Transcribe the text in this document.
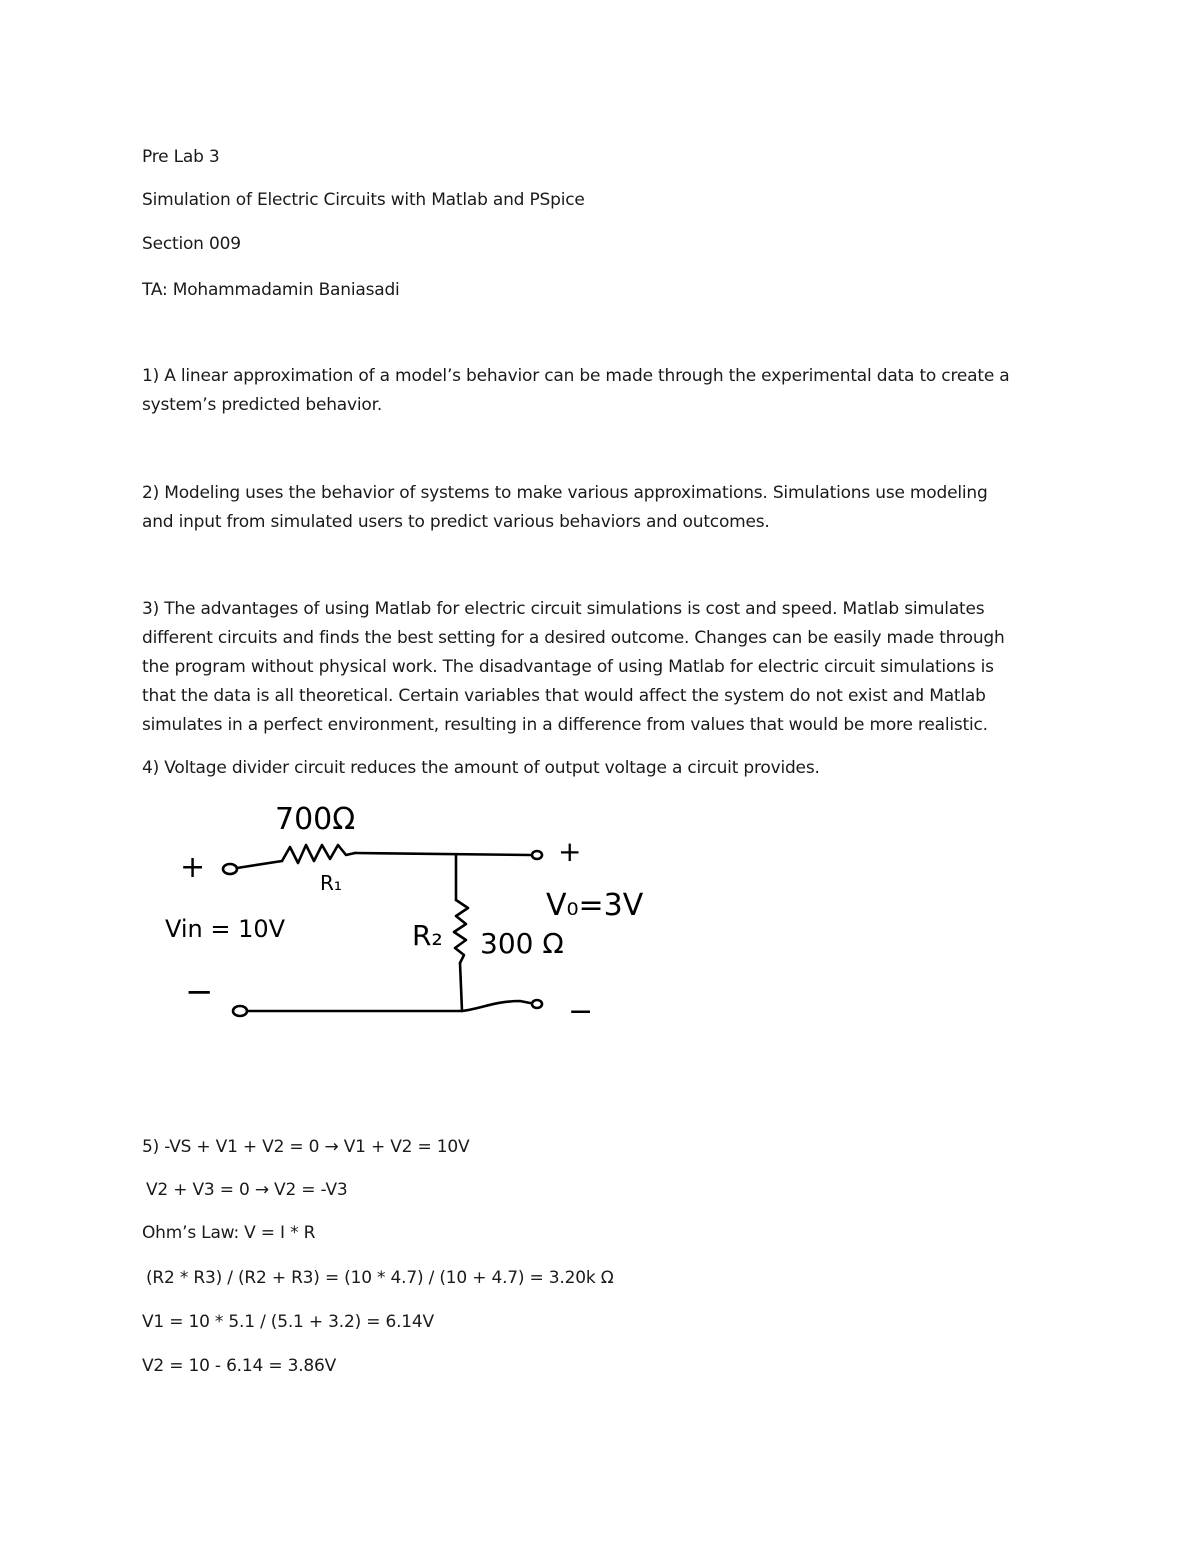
Pre Lab 3
Simulation of Electric Circuits with Matlab and PSpice
Section 009
TA: Mohammadamin Baniasadi
1) A linear approximation of a model’s behavior can be made through the experimental data to create a
system’s predicted behavior.
2) Modeling uses the behavior of systems to make various approximations. Simulations use modeling
and input from simulated users to predict various behaviors and outcomes.
3) The advantages of using Matlab for electric circuit simulations is cost and speed. Matlab simulates
different circuits and finds the best setting for a desired outcome. Changes can be easily made through
the program without physical work. The disadvantage of using Matlab for electric circuit simulations is
that the data is all theoretical. Certain variables that would affect the system do not exist and Matlab
simulates in a perfect environment, resulting in a difference from values that would be more realistic.
4) Voltage divider circuit reduces the amount of output voltage a circuit provides.
700Ω
R₁
+
Vin = 10V
−
R₂ 300 Ω
V₀=3V
+
−
5) -VS + V1 + V2 = 0 → V1 + V2 = 10V
V2 + V3 = 0 → V2 = -V3
Ohm’s Law: V = I * R
(R2 * R3) / (R2 + R3) = (10 * 4.7) / (10 + 4.7) = 3.20k Ω
V1 = 10 * 5.1 / (5.1 + 3.2) = 6.14V
V2 = 10 - 6.14 = 3.86V
